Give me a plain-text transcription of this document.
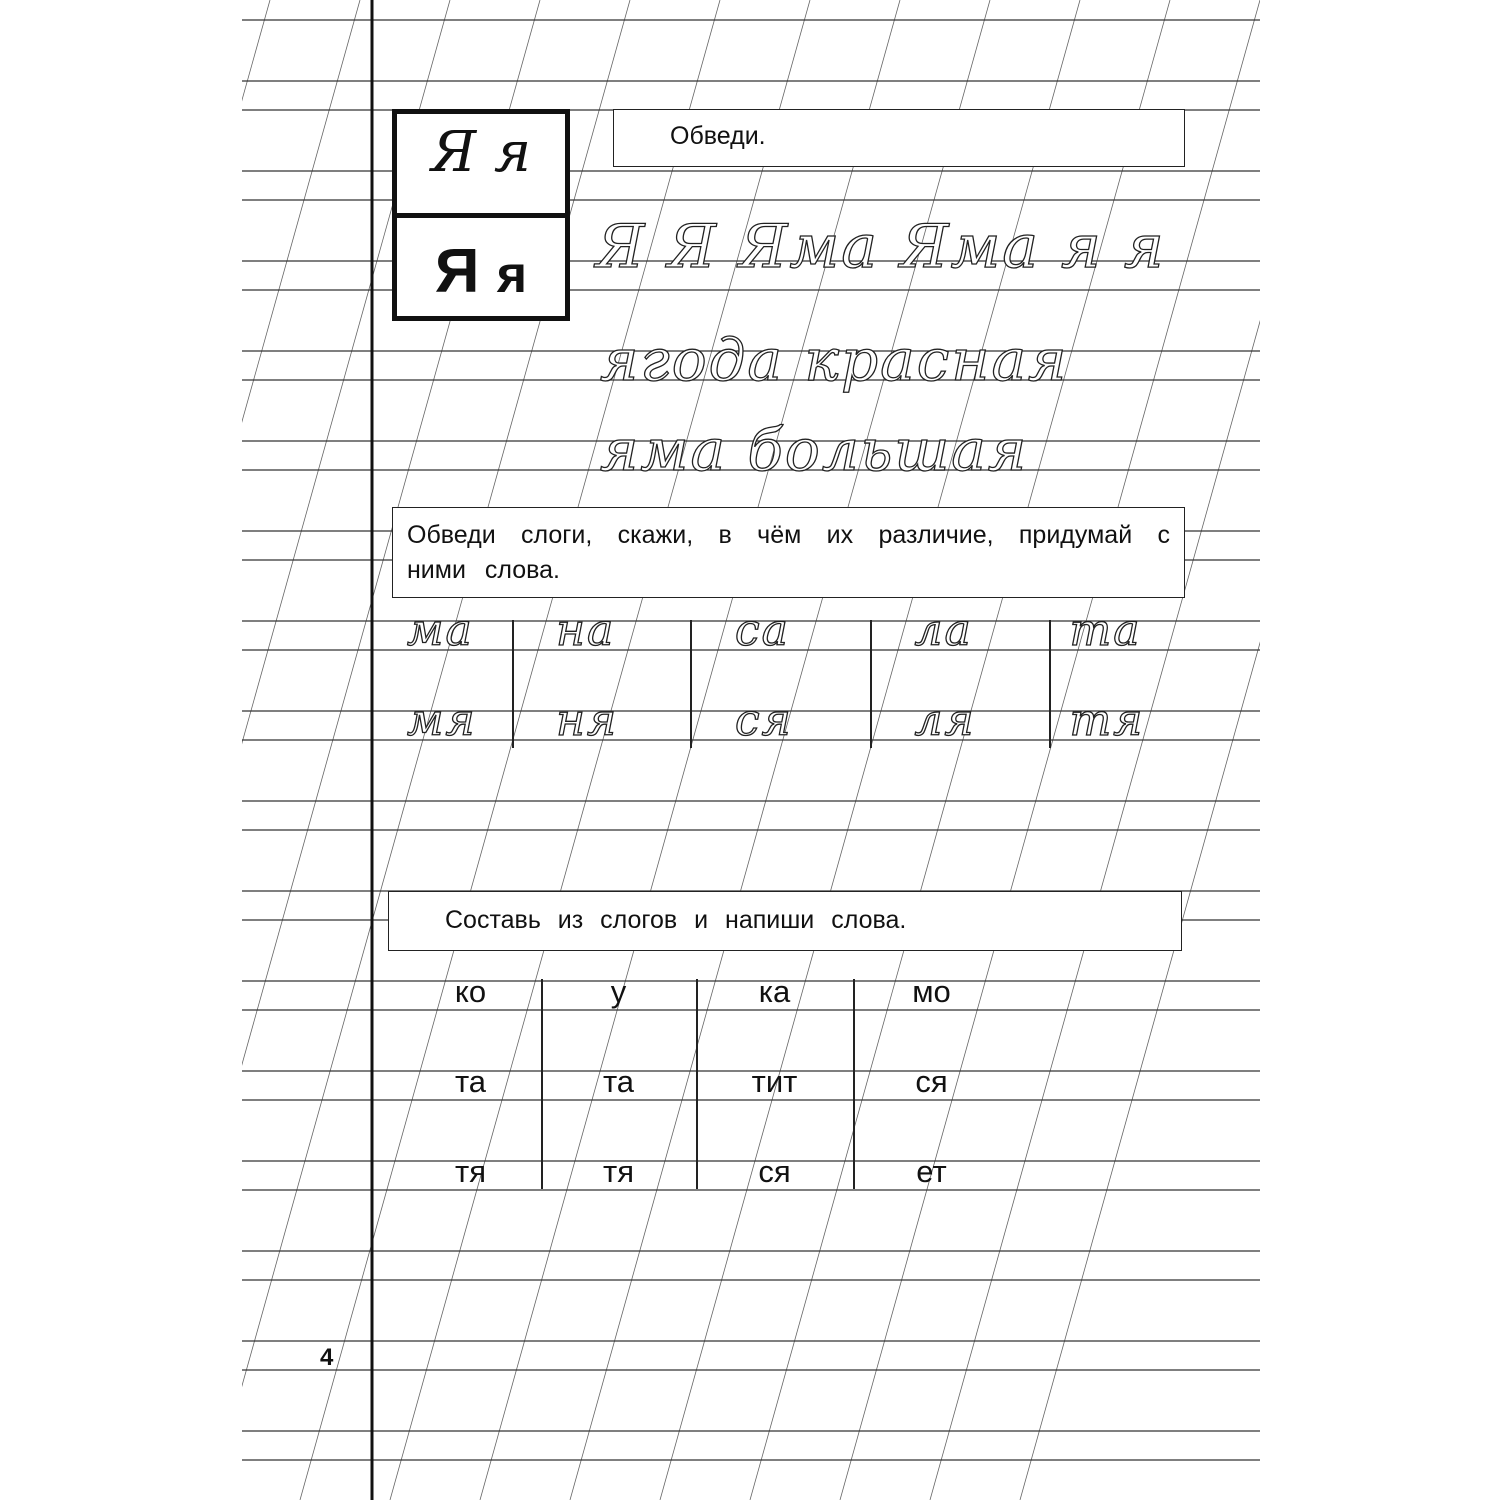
Я я
Я я
Обведи.
Я Я Яма Яма я я
ягода красная
яма большая
Обведи слоги, скажи, в чём их различие, придумай с ними слова.
ма
мя
на
ня
са
ся
ла
ля
та
тя
Составь из слогов и напиши слова.
ко
та
тя
у
та
тя
ка
тит
ся
мо
ся
ет
4
